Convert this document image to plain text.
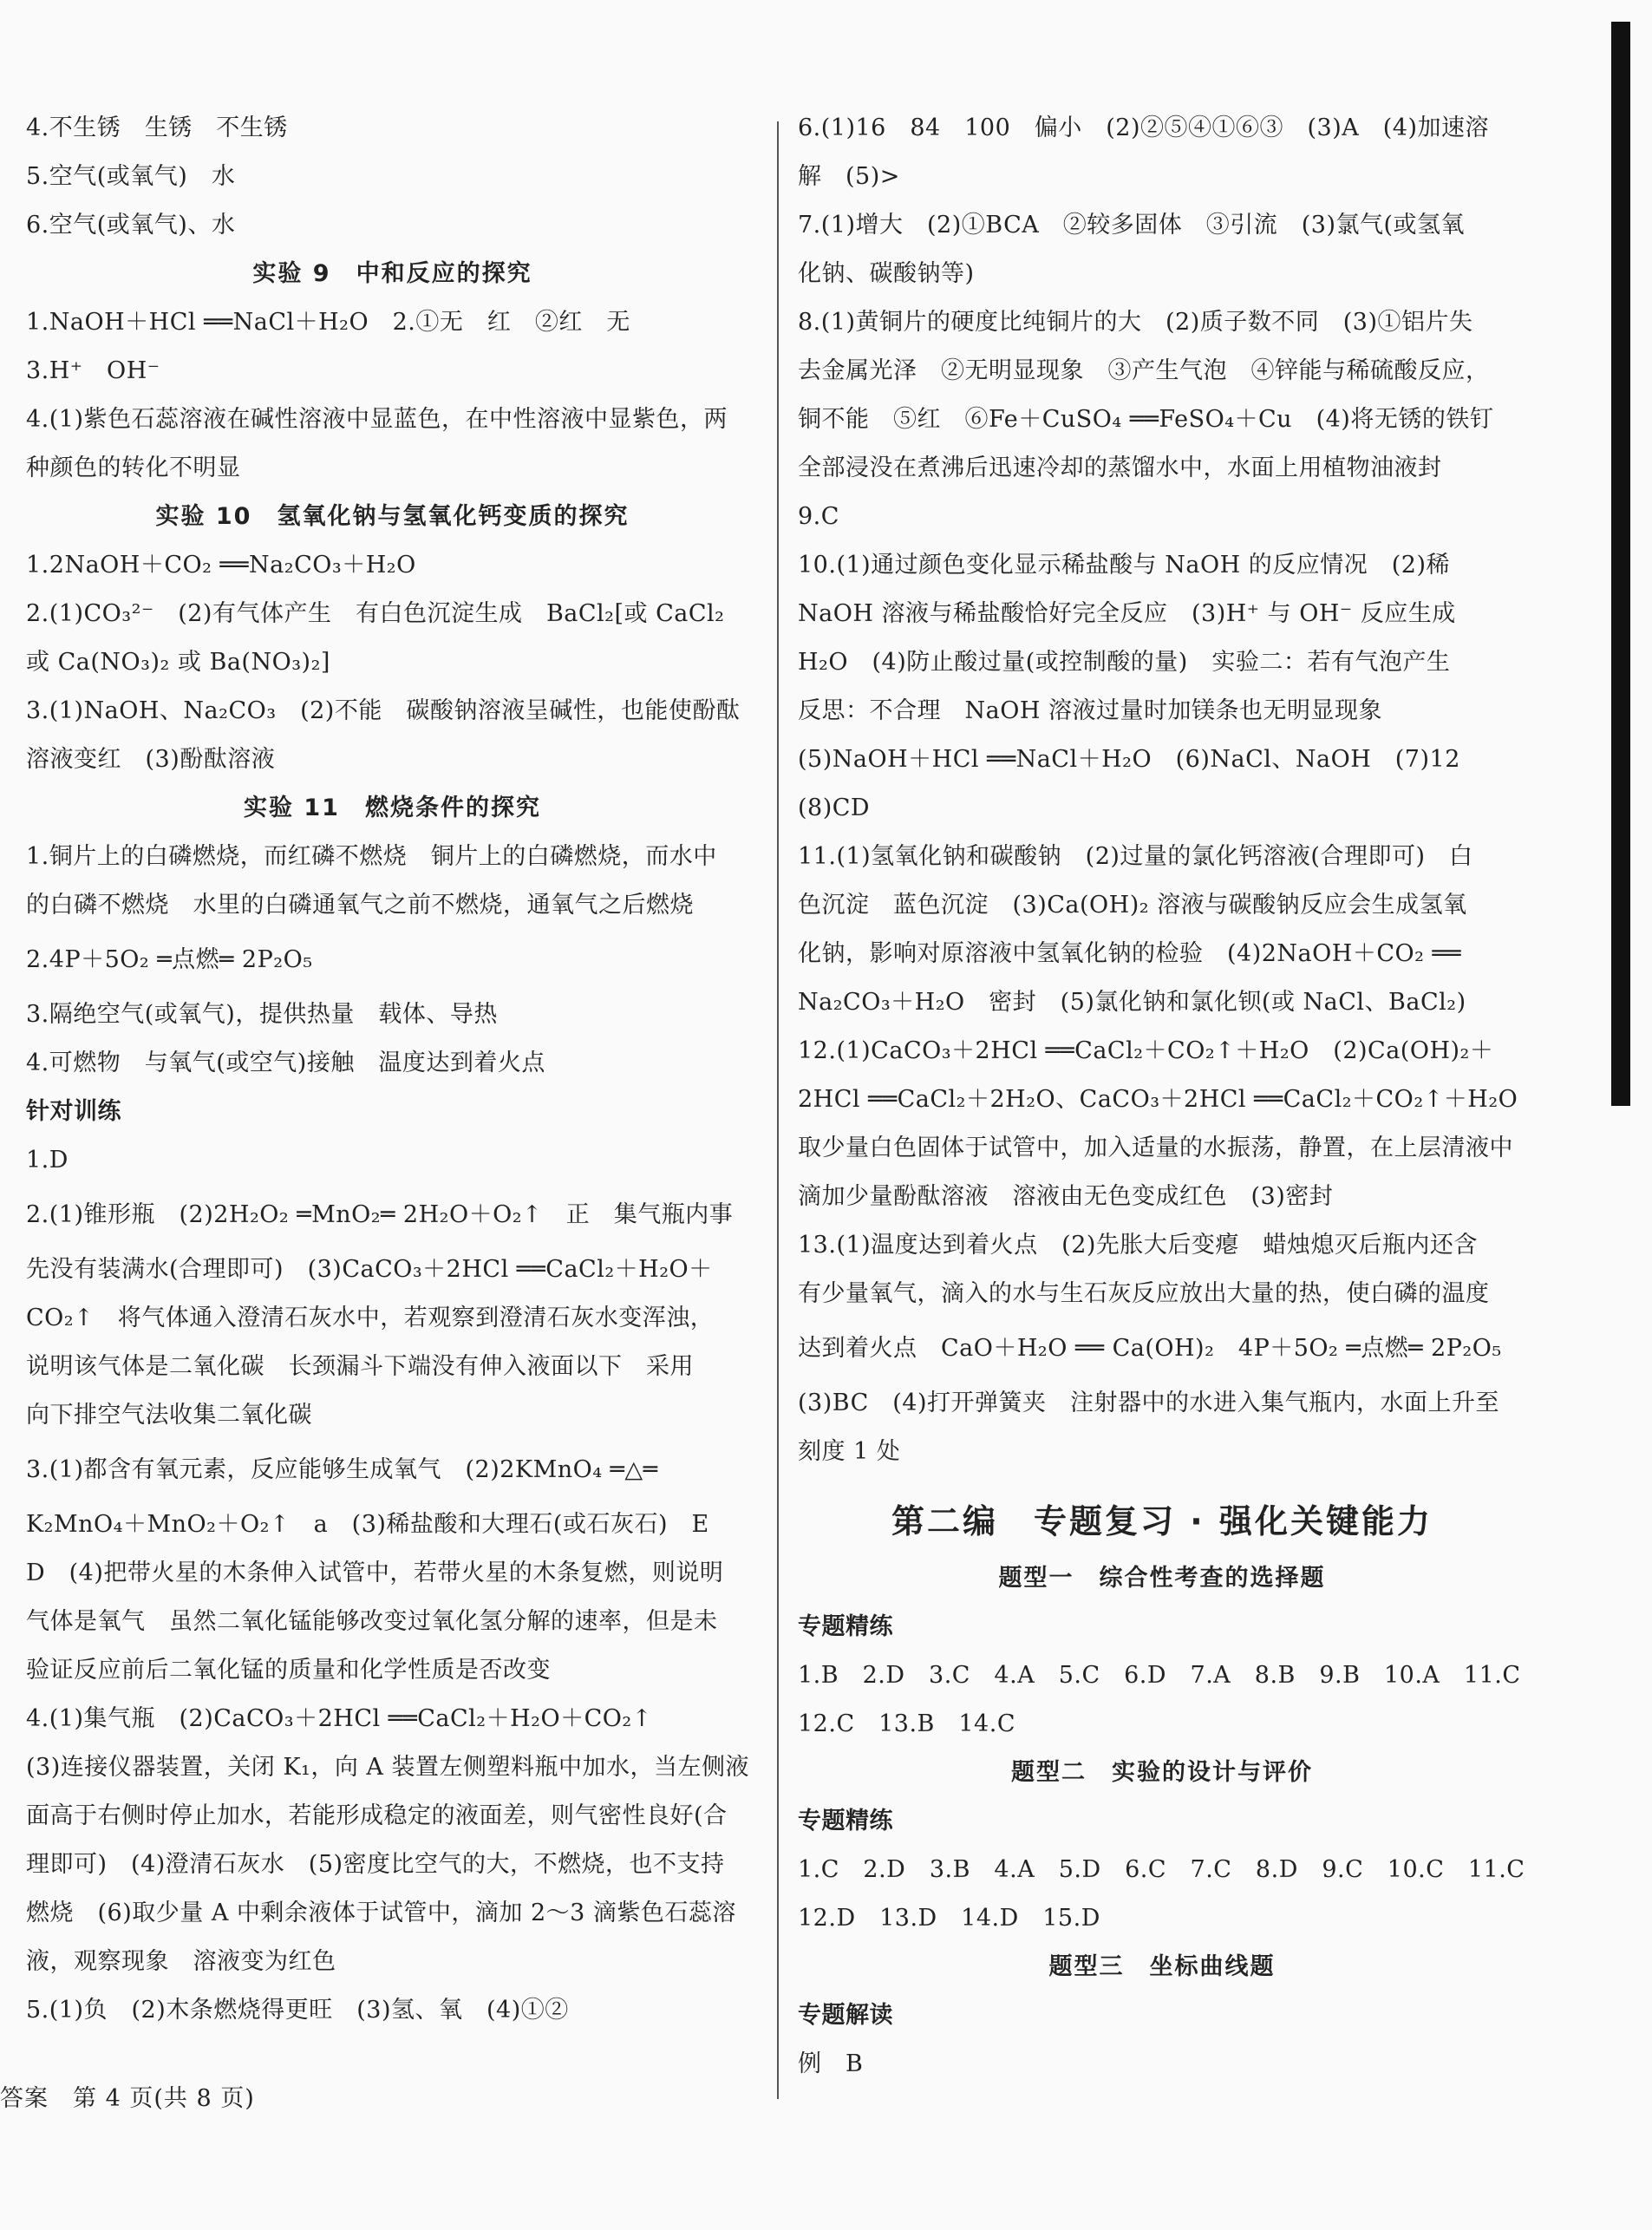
4.不生锈　生锈　不生锈
5.空气(或氧气)　水
6.空气(或氧气)、水
实验 9　中和反应的探究
1.NaOH＋HCl ══NaCl＋H₂O　2.①无　红　②红　无
3.H⁺　OH⁻
4.(1)紫色石蕊溶液在碱性溶液中显蓝色，在中性溶液中显紫色，两
种颜色的转化不明显
实验 10　氢氧化钠与氢氧化钙变质的探究
1.2NaOH＋CO₂ ══Na₂CO₃＋H₂O
2.(1)CO₃²⁻　(2)有气体产生　有白色沉淀生成　BaCl₂[或 CaCl₂
或 Ca(NO₃)₂ 或 Ba(NO₃)₂]
3.(1)NaOH、Na₂CO₃　(2)不能　碳酸钠溶液呈碱性，也能使酚酞
溶液变红　(3)酚酞溶液
实验 11　燃烧条件的探究
1.铜片上的白磷燃烧，而红磷不燃烧　铜片上的白磷燃烧，而水中
的白磷不燃烧　水里的白磷通氧气之前不燃烧，通氧气之后燃烧
2.4P＋5O₂ ═点燃═ 2P₂O₅
3.隔绝空气(或氧气)，提供热量　载体、导热
4.可燃物　与氧气(或空气)接触　温度达到着火点
针对训练
1.D
2.(1)锥形瓶　(2)2H₂O₂ ═MnO₂═ 2H₂O＋O₂↑　正　集气瓶内事
先没有装满水(合理即可)　(3)CaCO₃＋2HCl ══CaCl₂＋H₂O＋
CO₂↑　将气体通入澄清石灰水中，若观察到澄清石灰水变浑浊，
说明该气体是二氧化碳　长颈漏斗下端没有伸入液面以下　采用
向下排空气法收集二氧化碳
3.(1)都含有氧元素，反应能够生成氧气　(2)2KMnO₄ ═△═
K₂MnO₄＋MnO₂＋O₂↑　a　(3)稀盐酸和大理石(或石灰石)　E
D　(4)把带火星的木条伸入试管中，若带火星的木条复燃，则说明
气体是氧气　虽然二氧化锰能够改变过氧化氢分解的速率，但是未
验证反应前后二氧化锰的质量和化学性质是否改变
4.(1)集气瓶　(2)CaCO₃＋2HCl ══CaCl₂＋H₂O＋CO₂↑
(3)连接仪器装置，关闭 K₁，向 A 装置左侧塑料瓶中加水，当左侧液
面高于右侧时停止加水，若能形成稳定的液面差，则气密性良好(合
理即可)　(4)澄清石灰水　(5)密度比空气的大，不燃烧，也不支持
燃烧　(6)取少量 A 中剩余液体于试管中，滴加 2～3 滴紫色石蕊溶
液，观察现象　溶液变为红色
5.(1)负　(2)木条燃烧得更旺　(3)氢、氧　(4)①②
6.(1)16　84　100　偏小　(2)②⑤④①⑥③　(3)A　(4)加速溶
解　(5)>
7.(1)增大　(2)①BCA　②较多固体　③引流　(3)氯气(或氢氧
化钠、碳酸钠等)
8.(1)黄铜片的硬度比纯铜片的大　(2)质子数不同　(3)①铝片失
去金属光泽　②无明显现象　③产生气泡　④锌能与稀硫酸反应，
铜不能　⑤红　⑥Fe＋CuSO₄ ══FeSO₄＋Cu　(4)将无锈的铁钉
全部浸没在煮沸后迅速冷却的蒸馏水中，水面上用植物油液封
9.C
10.(1)通过颜色变化显示稀盐酸与 NaOH 的反应情况　(2)稀
NaOH 溶液与稀盐酸恰好完全反应　(3)H⁺ 与 OH⁻ 反应生成
H₂O　(4)防止酸过量(或控制酸的量)　实验二：若有气泡产生
反思：不合理　NaOH 溶液过量时加镁条也无明显现象
(5)NaOH＋HCl ══NaCl＋H₂O　(6)NaCl、NaOH　(7)12
(8)CD
11.(1)氢氧化钠和碳酸钠　(2)过量的氯化钙溶液(合理即可)　白
色沉淀　蓝色沉淀　(3)Ca(OH)₂ 溶液与碳酸钠反应会生成氢氧
化钠，影响对原溶液中氢氧化钠的检验　(4)2NaOH＋CO₂ ══
Na₂CO₃＋H₂O　密封　(5)氯化钠和氯化钡(或 NaCl、BaCl₂)
12.(1)CaCO₃＋2HCl ══CaCl₂＋CO₂↑＋H₂O　(2)Ca(OH)₂＋
2HCl ══CaCl₂＋2H₂O、CaCO₃＋2HCl ══CaCl₂＋CO₂↑＋H₂O
取少量白色固体于试管中，加入适量的水振荡，静置，在上层清液中
滴加少量酚酞溶液　溶液由无色变成红色　(3)密封
13.(1)温度达到着火点　(2)先胀大后变瘪　蜡烛熄灭后瓶内还含
有少量氧气，滴入的水与生石灰反应放出大量的热，使白磷的温度
达到着火点　CaO＋H₂O ══ Ca(OH)₂　4P＋5O₂ ═点燃═ 2P₂O₅
(3)BC　(4)打开弹簧夹　注射器中的水进入集气瓶内，水面上升至
刻度 1 处
第二编　专题复习 · 强化关键能力
题型一　综合性考查的选择题
专题精练
1.B　2.D　3.C　4.A　5.C　6.D　7.A　8.B　9.B　10.A　11.C
12.C　13.B　14.C
题型二　实验的设计与评价
专题精练
1.C　2.D　3.B　4.A　5.D　6.C　7.C　8.D　9.C　10.C　11.C
12.D　13.D　14.D　15.D
题型三　坐标曲线题
专题解读
例　B
答案　第 4 页(共 8 页)
